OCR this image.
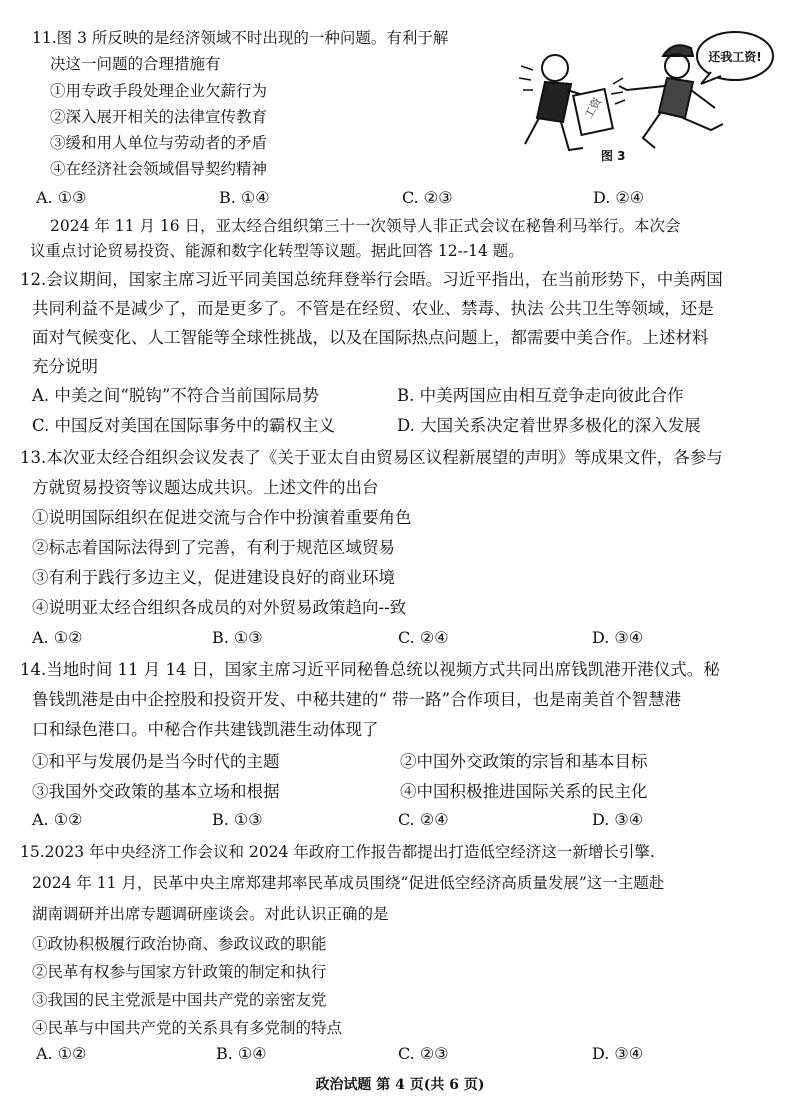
11.图 3 所反映的是经济领域不时出现的一种问题。有利于解
决这一问题的合理措施有
①用专政手段处理企业欠薪行为
②深入展开相关的法律宣传教育
③缓和用人单位与劳动者的矛盾
④在经济社会领域倡导契约精神
A. ①③	B. ①④	C. ②③	D. ②④
工资
还我工资!
图 3
2024 年 11 月 16 日，亚太经合组织第三十一次领导人非正式会议在秘鲁利马举行。本次会
议重点讨论贸易投资、能源和数字化转型等议题。据此回答 12--14 题。
12.会议期间，国家主席习近平同美国总统拜登举行会晤。习近平指出，在当前形势下，中美两国
共同利益不是减少了，而是更多了。不管是在经贸、农业、禁毒、执法 公共卫生等领域，还是
面对气候变化、人工智能等全球性挑战，以及在国际热点问题上，都需要中美合作。上述材料
充分说明
A. 中美之间“脱钩”不符合当前国际局势	B. 中美两国应由相互竞争走向彼此合作
C. 中国反对美国在国际事务中的霸权主义	D. 大国关系决定着世界多极化的深入发展
13.本次亚太经合组织会议发表了《关于亚太自由贸易区议程新展望的声明》等成果文件，各参与
方就贸易投资等议题达成共识。上述文件的出台
①说明国际组织在促进交流与合作中扮演着重要角色
②标志着国际法得到了完善，有利于规范区域贸易
③有利于践行多边主义，促进建设良好的商业环境
④说明亚太经合组织各成员的对外贸易政策趋向--致
A. ①②	B. ①③	C. ②④	D. ③④
14.当地时间 11 月 14 日，国家主席习近平同秘鲁总统以视频方式共同出席钱凯港开港仪式。秘
鲁钱凯港是由中企控股和投资开发、中秘共建的“ 带一路”合作项目，也是南美首个智慧港
口和绿色港口。中秘合作共建钱凯港生动体现了
①和平与发展仍是当今时代的主题	②中国外交政策的宗旨和基本目标
③我国外交政策的基本立场和根据	④中国积极推进国际关系的民主化
A. ①②	B. ①③	C. ②④	D. ③④
15.2023 年中央经济工作会议和 2024 年政府工作报告都提出打造低空经济这一新增长引擎.
2024 年 11 月，民革中央主席郑建邦率民革成员围绕“促进低空经济高质量发展”这一主题赴
湖南调研并出席专题调研座谈会。对此认识正确的是
①政协积极履行政治协商、参政议政的职能
②民革有权参与国家方针政策的制定和执行
③我国的民主党派是中国共产党的亲密友党
④民革与中国共产党的关系具有多党制的特点
A. ①②	B. ①④	C. ②③	D. ③④
政治试题 第 4 页(共 6 页)
